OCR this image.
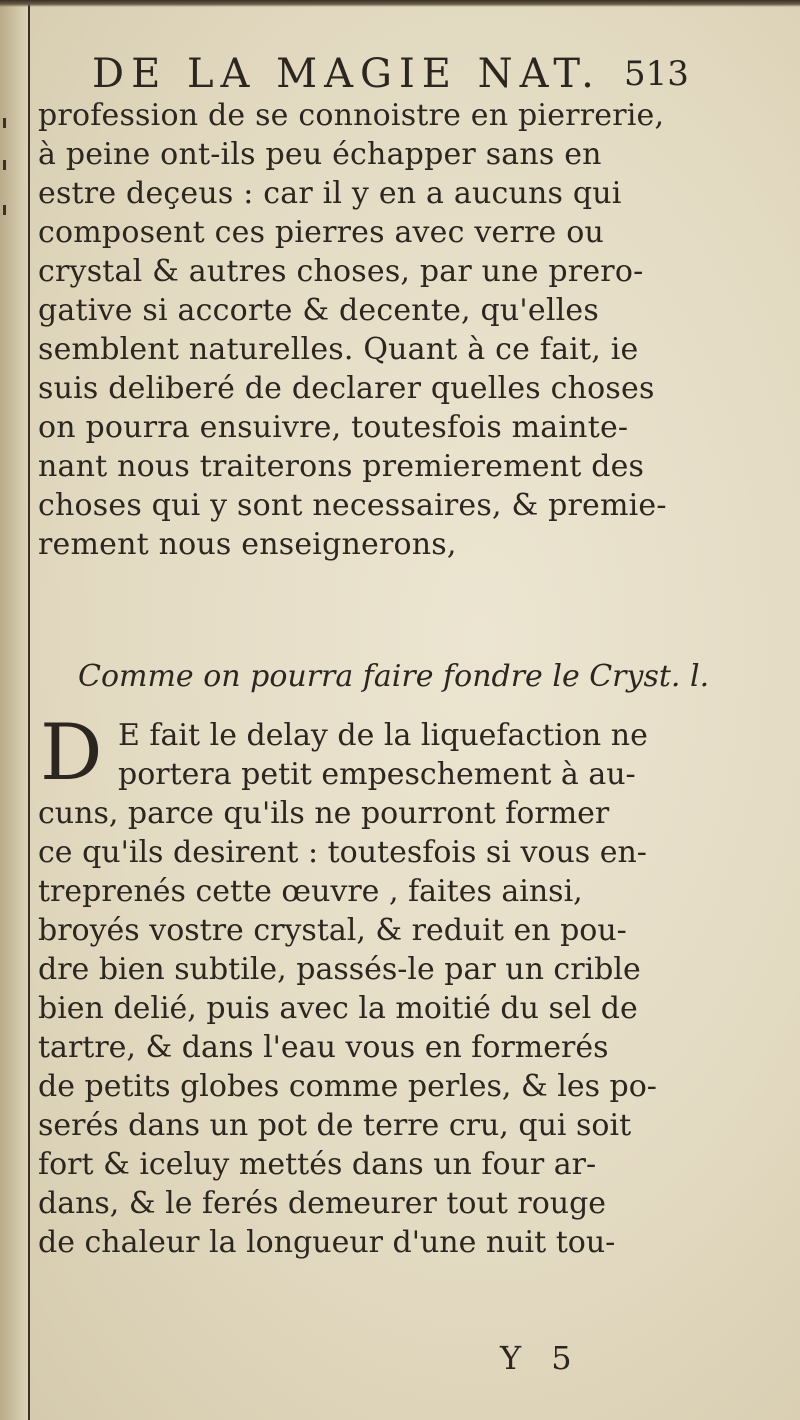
DE LA MAGIE NAT. 513
profession de se connoistre en pierrerie,
à peine ont-ils peu échapper sans en
estre deçeus : car il y en a aucuns qui
composent ces pierres avec verre ou
crystal & autres choses, par une prero-
gative si accorte & decente, qu'elles
semblent naturelles. Quant à ce fait, ie
suis deliberé de declarer quelles choses
on pourra ensuivre, toutesfois mainte-
nant nous traiterons premierement des
choses qui y sont necessaires, & premie-
rement nous enseignerons,
Comme on pourra faire fondre le Cryst. l.
D E fait le delay de la liquefaction ne
portera petit empeschement à au-
cuns, parce qu'ils ne pourront former
ce qu'ils desirent : toutesfois si vous en-
treprenés cette œuvre , faites ainsi,
broyés vostre crystal, & reduit en pou-
dre bien subtile, passés-le par un crible
bien delié, puis avec la moitié du sel de
tartre, & dans l'eau vous en formerés
de petits globes comme perles, & les po-
serés dans un pot de terre cru, qui soit
fort & iceluy mettés dans un four ar-
dans, & le ferés demeurer tout rouge
de chaleur la longueur d'une nuit tou-
Y 5
